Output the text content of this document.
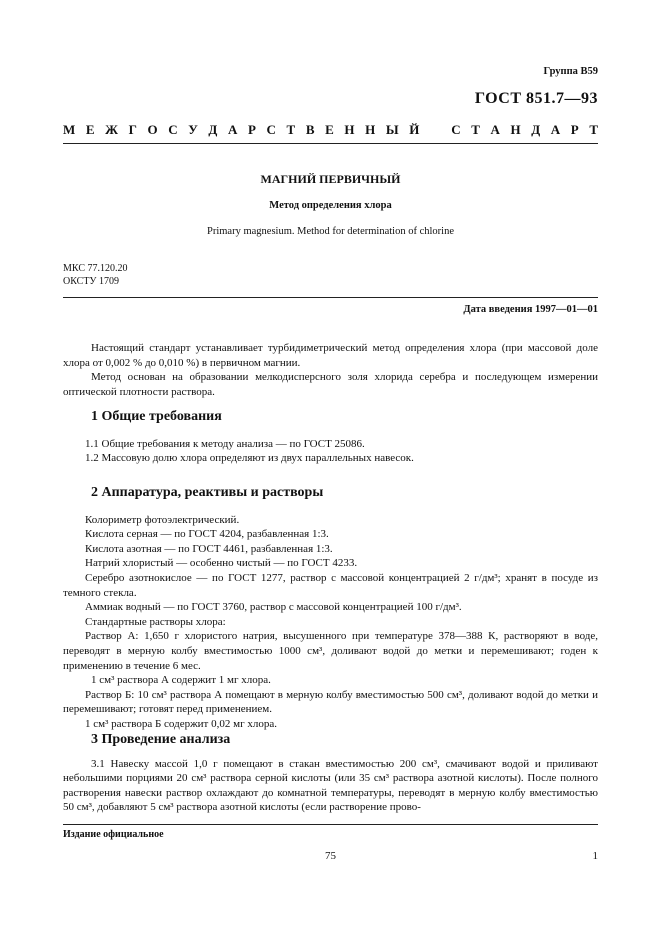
Группа В59
ГОСТ 851.7—93
М Е Ж Г О С У Д А Р С Т В Е Н Н Ы Й С Т А Н Д А Р Т
МАГНИЙ ПЕРВИЧНЫЙ
Метод определения хлора
Primary magnesium. Method for determination of chlorine
МКС 77.120.20
ОКСТУ 1709
Дата введения 1997—01—01

Настоящий стандарт устанавливает турбидиметрический метод определения хлора (при массовой доле хлора от 0,002 % до 0,010 %) в первичном магнии.

Метод основан на образовании мелкодисперсного золя хлорида серебра и последующем измерении оптической плотности раствора.

1 Общие требования

1.1 Общие требования к методу анализа — по ГОСТ 25086.

1.2 Массовую долю хлора определяют из двух параллельных навесок.

2 Аппаратура, реактивы и растворы

Колориметр фотоэлектрический.

Кислота серная — по ГОСТ 4204, разбавленная 1:3.

Кислота азотная — по ГОСТ 4461, разбавленная 1:3.

Натрий хлористый — особенно чистый — по ГОСТ 4233.

Серебро азотнокислое — по ГОСТ 1277, раствор с массовой концентрацией 2 г/дм³; хранят в посуде из темного стекла.

Аммиак водный — по ГОСТ 3760, раствор с массовой концентрацией 100 г/дм³.

Стандартные растворы хлора:

Раствор А: 1,650 г хлористого натрия, высушенного при температуре 378—388 К, растворяют в воде, переводят в мерную колбу вместимостью 1000 см³, доливают водой до метки и перемешивают; годен к применению в течение 6 мес.

1 см³ раствора А содержит 1 мг хлора.

Раствор Б: 10 см³ раствора А помещают в мерную колбу вместимостью 500 см³, доливают водой до метки и перемешивают; готовят перед применением.

1 см³ раствора Б содержит 0,02 мг хлора.

3 Проведение анализа

3.1 Навеску массой 1,0 г помещают в стакан вместимостью 200 см³, смачивают водой и приливают небольшими порциями 20 см³ раствора серной кислоты (или 35 см³ раствора азотной кислоты). После полного растворения навески раствор охлаждают до комнатной температуры, переводят в мерную колбу вместимостью 50 см³, добавляют 5 см³ раствора азотной кислоты (если растворение прово-

Издание официальное
75	1
